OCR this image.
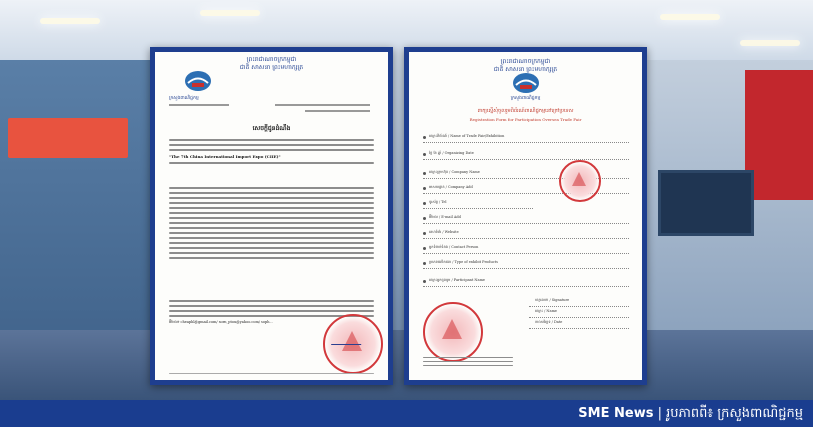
ព្រះរាជាណាចក្រកម្ពុជា
ជាតិ សាសនា ព្រះមហាក្សត្រ
ក្រសួងពាណិជ្ជកម្ម
សេចក្ដីជូនដំណឹង
"The 7th China International Import Expo (CIIE)"
អ៊ីមែល៖ cheaphl@gmail.com/ sorn_ptou@yahoo.com/ soph...
ព្រះរាជាណាចក្រកម្ពុជា
ជាតិ សាសនា ព្រះមហាក្សត្រ
ក្រសួងពាណិជ្ជកម្ម
ពាក្យស្នើសុំចូលរួមពិព័រណ៍ពាណិជ្ជកម្មនៅក្រៅប្រទេស
Registration Form for Participation Oversea Trade Fair
ឈ្មោះពិព័រណ៍ / Name of Trade Fair/Exhibition
ថ្ងៃ ខែ ឆ្នាំ / Organizing Date
ឈ្មោះក្រុមហ៊ុន / Company Name
អាសយដ្ឋាន / Company Add
ទូរស័ព្ទ / Tel
អ៊ីមែល / E-mail Add
គេហទំព័រ / Website
អ្នកទំនាក់ទំនង / Contact Person
ប្រភេទផលិតផល / Type of exhibit Products
ឈ្មោះអ្នកចូលរួម / Participant Name
ហត្ថលេខា / Signature
ឈ្មោះ / Name
កាលបរិច្ឆេទ / Date
SME News | រូបភាពពី៖ ក្រសួងពាណិជ្ជកម្ម
